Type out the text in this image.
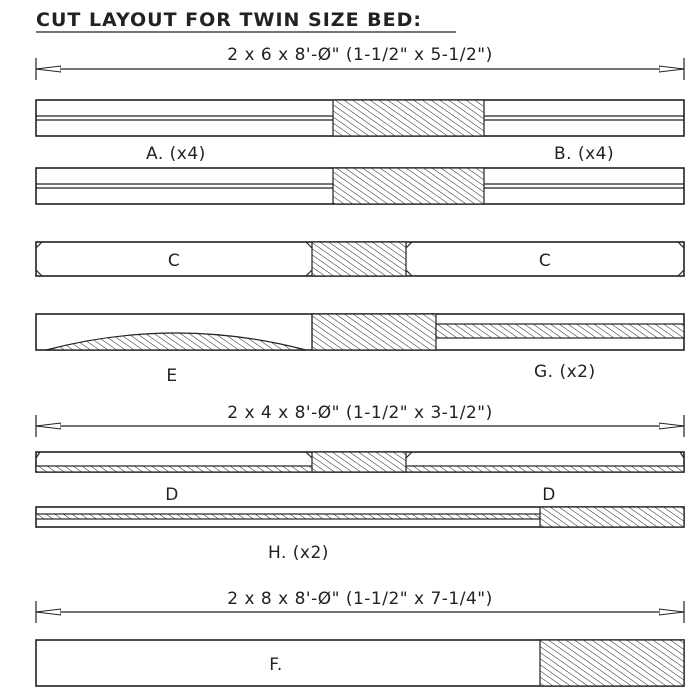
CUT LAYOUT FOR TWIN SIZE BED:
2 x 6 x 8'-Ø" (1-1/2" x 5-1/2")
A. (x4)	B. (x4)
C	C
E	G. (x2)
2 x 4 x 8'-Ø" (1-1/2" x 3-1/2")
D	D
H. (x2)
2 x 8 x 8'-Ø" (1-1/2" x 7-1/4")
F.
